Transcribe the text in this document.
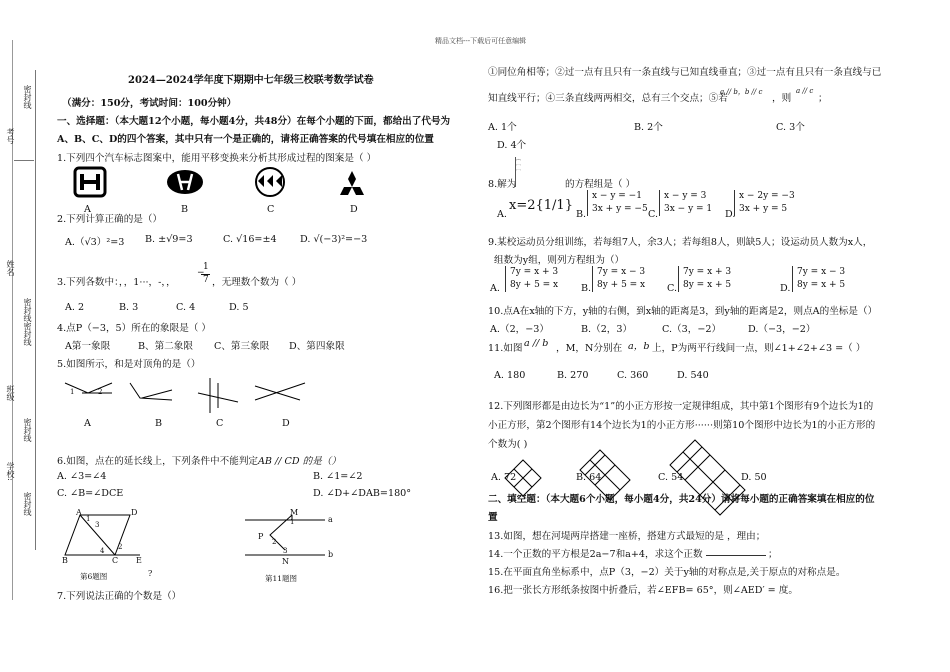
精品文档---下载后可任意编辑
密封线
考号
姓名
密封线
密封线
班级
密封线
学校:
密封线
2024—2024学年度下期期中七年级三校联考数学试卷
（满分：150分，考试时间：100分钟）
一、选择题：（本大题12个小题，每小题4分，共48分）在每个小题的下面，都给出了代号为
A、B、C、D的四个答案，其中只有一个是正确的，请将正确答案的代号填在相应的位置
1.下列四个汽车标志图案中，能用平移变换来分析其形成过程的图案是（ ）
A	B	C	D
2.下列计算正确的是（）
A.（√3）²=3 B. ±√9=3	C. √16=±4 D. √(−3)²=−3
3.下列各数中：，，1···，-，，
−
1
7 ，无理数个数为（ ）
A. 2	B. 3	C. 4	D. 5
4.点P（−3，5）所在的象限是（ ）
A第一象限	B、第二象限 C、第三象限 D、第四象限
5.如图所示，和是对顶角的是（）
1	2
A	B	C	D
6.如图，点在的延长线上，下列条件中不能判定 AB // CD 的是（）
A. ∠3=∠4	B. ∠1=∠2
C. ∠B=∠DCE	D. ∠D+∠DAB=180°
A	D
B	C E
1
3
4 2
第6题图	?
M
a
P
b
N
1
2
3
第11题图
7.下列说法正确的个数是（）
①同位角相等；②过一点有且只有一条直线与已知直线垂直；③过一点有且只有一条直线与已
知直线平行；④三条直线两两相交，总有三个交点；⑤若
a // b，b // c
，则
a // c
；
A. 1个	B. 2个	C. 3个
D. 4个
8.解为
︷
﹇
﹇
的方程组是（ ）
A.
x=2{1/1}
B.
x − y = −1
3x + y = −5 C.
x − y = 3
3x − y = 1 D.
x − 2y = −3
3x + y = 5
9.某校运动员分组训练，若每组7人，余3人；若每组8人，则缺5人；设运动员人数为x人，
组数为y组，则列方程组为（）
A.
7y = x + 3
8y + 5 = x B.
7y = x − 3
8y + 5 = x C.
7y = x + 3
8y = x + 5	D.
7y = x − 3
8y = x + 5
10.点A在x轴的下方，y轴的右侧，到x轴的距离是3，到y轴的距离是2，则点A的坐标是（）
A.（2，−3）	B.（2，3）	C.（3，−2）	D.（−3，−2）
11.如图 a // b ，M，N分别在 a，b 上，P为两平行线间一点，则∠1+∠2+∠3 =（ ）
A. 180	B. 270	C. 360	D. 540
12.下列图形都是由边长为“1”的小正方形按一定规律组成，其中第1个图形有9个边长为1的
小正方形，第2个图形有14个边长为1的小正方形······则第10个图形中边长为1的小正方形的
个数为( )
A. 72	B. 64	C. 54	D. 50
二、填空题：（本大题6个小题，每小题4分，共24分）请将每小题的正确答案填在相应的位
置
13.如图，想在河堤两岸搭建一座桥，搭建方式最短的是 ，理由；
14.一个正数的平方根是2a−7和a+4，求这个正数	；
15.在平面直角坐标系中，点P（3，−2）关于y轴的对称点是,关于原点的对称点是。
16.把一张长方形纸条按图中折叠后，若∠EFB= 65°，则∠AED′ = 度。
